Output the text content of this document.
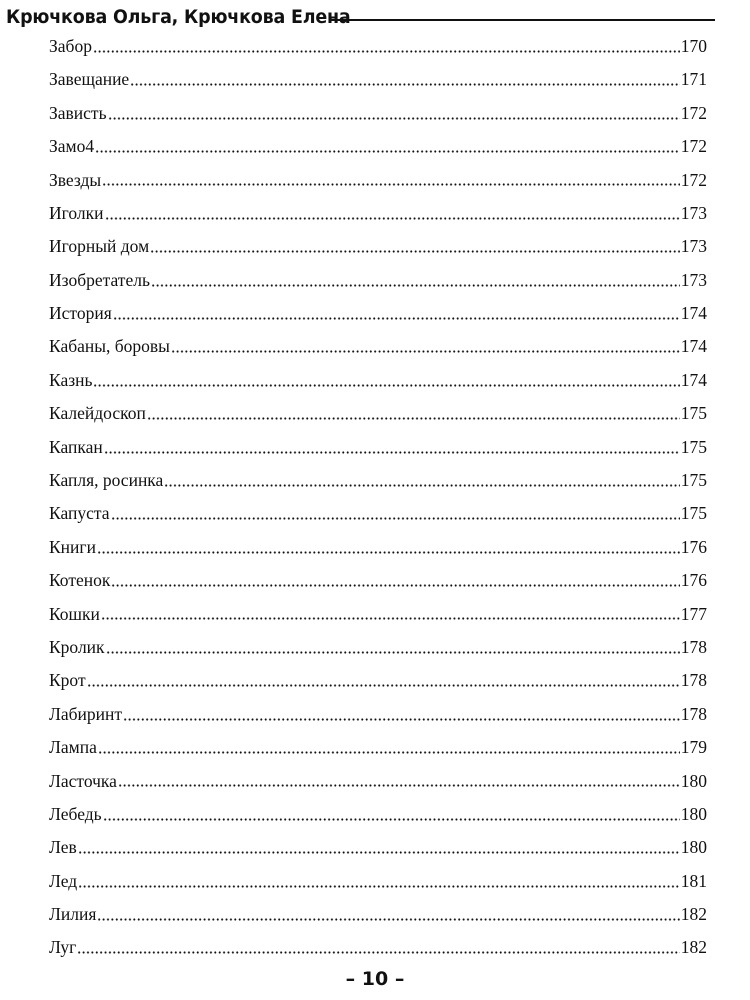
Крючкова Ольга, Крючкова Елена
Забор	170
Завещание	171
Зависть	172
Замо4	172
Звезды	172
Иголки	173
Игорный дом	173
Изобретатель	173
История	174
Кабаны, боровы	174
Казнь	174
Калейдоскоп	175
Капкан	175
Капля, росинка	175
Капуста	175
Книги	176
Котенок	176
Кошки	177
Кролик	178
Крот	178
Лабиринт	178
Лампа	179
Ласточка	180
Лебедь	180
Лев	180
Лед	181
Лилия	182
Луг	182
– 10 –
